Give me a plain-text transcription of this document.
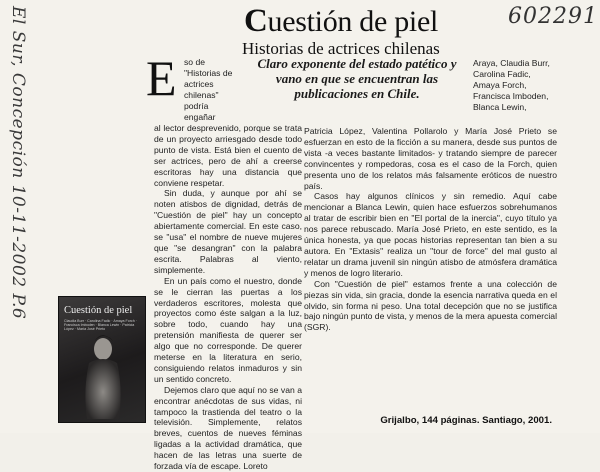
El Sur, Concepción 10-11-2002 P.6	602291
Cuestión de piel
Historias de actrices chilenas
E so de "Historias de actrices chilenas" podría engañar

Claro exponente del estado patético y vano en que se encuentran las publicaciones en Chile.

Araya, Claudia Burr, Carolina Fadic, Amaya Forch, Francisca Imboden, Blanca Lewin,

al lector desprevenido, porque se trata de un proyecto arriesgado desde todo punto de vista. Está bien el cuento de ser actrices, pero de ahí a creerse escritoras hay una distancia que conviene respetar.

Sin duda, y aunque por ahí se noten atisbos de dignidad, detrás de "Cuestión de piel" hay un concepto abiertamente comercial. En este caso, se "usa" el nombre de nueve mujeres que "se desangran" con la palabra escrita. Palabras al viento, simplemente.

En un país como el nuestro, donde se le cierran las puertas a los verdaderos escritores, molesta que proyectos como éste salgan a la luz, sobre todo, cuando hay una pretensión manifiesta de querer ser algo que no corresponde. De querer meterse en la literatura en serio, consiguiendo relatos inmaduros y sin un sentido concreto.

Dejemos claro que aquí no se van a encontrar anécdotas de sus vidas, ni tampoco la trastienda del teatro o la televisión. Simplemente, relatos breves, cuentos de nueves féminas ligadas a la actividad dramática, que hacen de las letras una suerte de forzada vía de escape. Loreto

Patricia López, Valentina Pollarolo y María José Prieto se esfuerzan en esto de la ficción a su manera, desde sus puntos de vista -a veces bastante limitados- y tratando siempre de parecer convincentes y rompedoras, cosa es el caso de la Forch, quien presenta uno de los relatos más falsamente eróticos de nuestro país.

Casos hay algunos clínicos y sin remedio. Aquí cabe mencionar a Blanca Lewin, quien hace esfuerzos sobrehumanos al tratar de escribir bien en "El portal de la inercia", cuyo título ya nos parece rebuscado. María José Prieto, en este sentido, es la única honesta, ya que pocas historias representan tan bien a su autora. En "Extasis" realiza un "tour de force" del mal gusto al relatar un drama juvenil sin ningún atisbo de atmósfera dramática y menos de logro literario.

Con "Cuestión de piel" estamos frente a una colección de piezas sin vida, sin gracia, donde la esencia narrativa queda en el olvido, sin forma ni peso. Una total decepción que no se justifica bajo ningún punto de vista, y menos de la mera apuesta comercial (SGR).

Grijalbo, 144 páginas. Santiago, 2001.
Cuestión de piel
Claudia Burr · Carolina Fadic · Amaya Forch · Francisca Imboden · Blanca Lewin · Patricia López · María José Prieto
